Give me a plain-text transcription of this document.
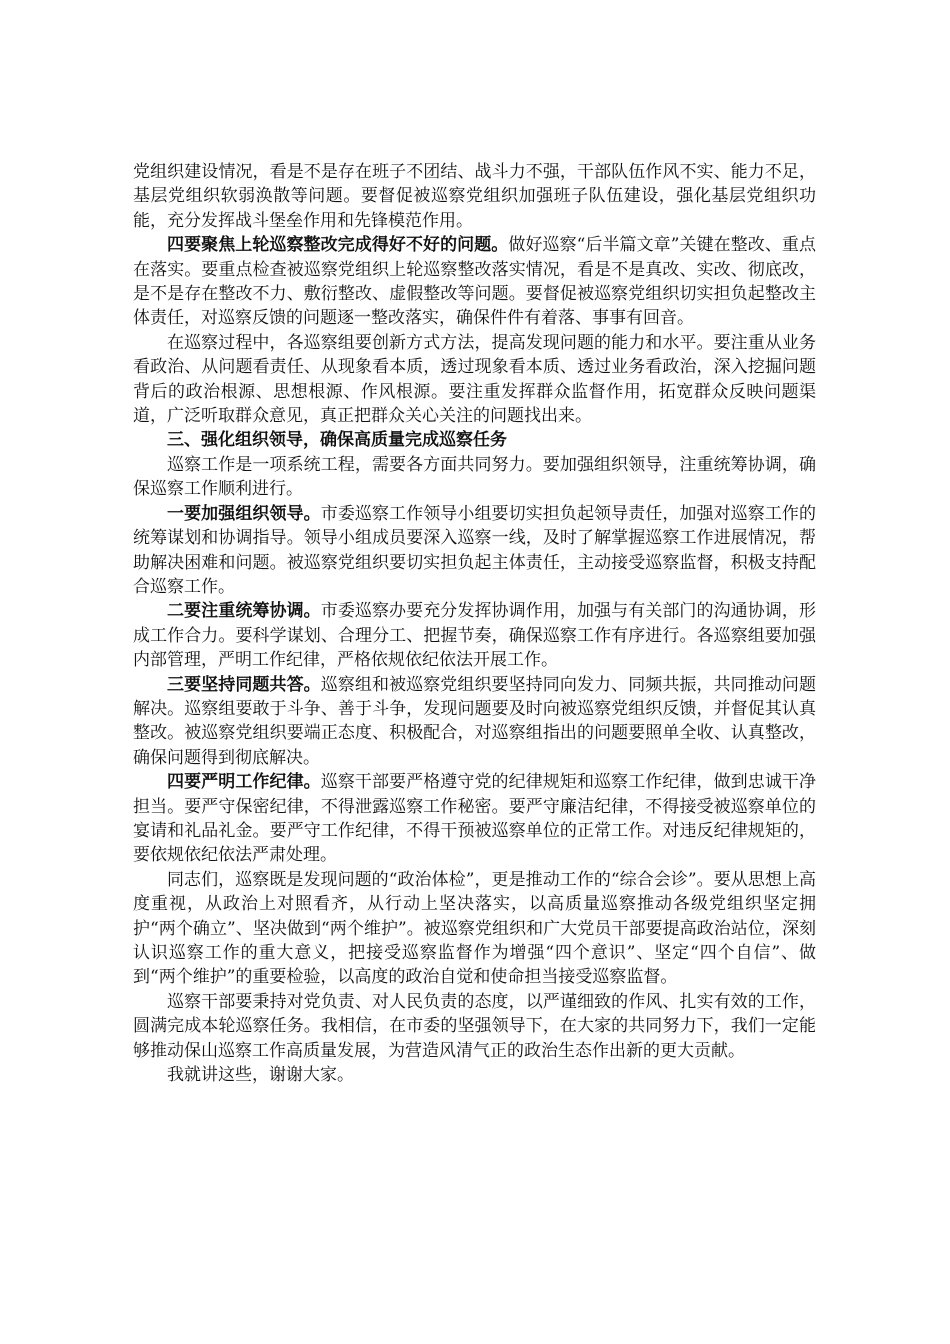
党组织建设情况，看是不是存在班子不团结、战斗力不强，干部队伍作风不实、能力不足，基层党组织软弱涣散等问题。要督促被巡察党组织加强班子队伍建设，强化基层党组织功能，充分发挥战斗堡垒作用和先锋模范作用。

四要聚焦上轮巡察整改完成得好不好的问题。做好巡察“后半篇文章”关键在整改、重点在落实。要重点检查被巡察党组织上轮巡察整改落实情况，看是不是真改、实改、彻底改，是不是存在整改不力、敷衍整改、虚假整改等问题。要督促被巡察党组织切实担负起整改主体责任，对巡察反馈的问题逐一整改落实，确保件件有着落、事事有回音。

在巡察过程中，各巡察组要创新方式方法，提高发现问题的能力和水平。要注重从业务看政治、从问题看责任、从现象看本质，透过现象看本质、透过业务看政治，深入挖掘问题背后的政治根源、思想根源、作风根源。要注重发挥群众监督作用，拓宽群众反映问题渠道，广泛听取群众意见，真正把群众关心关注的问题找出来。

三、强化组织领导，确保高质量完成巡察任务

巡察工作是一项系统工程，需要各方面共同努力。要加强组织领导，注重统筹协调，确保巡察工作顺利进行。

一要加强组织领导。市委巡察工作领导小组要切实担负起领导责任，加强对巡察工作的统筹谋划和协调指导。领导小组成员要深入巡察一线，及时了解掌握巡察工作进展情况，帮助解决困难和问题。被巡察党组织要切实担负起主体责任，主动接受巡察监督，积极支持配合巡察工作。

二要注重统筹协调。市委巡察办要充分发挥协调作用，加强与有关部门的沟通协调，形成工作合力。要科学谋划、合理分工、把握节奏，确保巡察工作有序进行。各巡察组要加强内部管理，严明工作纪律，严格依规依纪依法开展工作。

三要坚持同题共答。巡察组和被巡察党组织要坚持同向发力、同频共振，共同推动问题解决。巡察组要敢于斗争、善于斗争，发现问题要及时向被巡察党组织反馈，并督促其认真整改。被巡察党组织要端正态度、积极配合，对巡察组指出的问题要照单全收、认真整改，确保问题得到彻底解决。

四要严明工作纪律。巡察干部要严格遵守党的纪律规矩和巡察工作纪律，做到忠诚干净担当。要严守保密纪律，不得泄露巡察工作秘密。要严守廉洁纪律，不得接受被巡察单位的宴请和礼品礼金。要严守工作纪律，不得干预被巡察单位的正常工作。对违反纪律规矩的，要依规依纪依法严肃处理。

同志们，巡察既是发现问题的“政治体检”，更是推动工作的“综合会诊”。要从思想上高度重视，从政治上对照看齐，从行动上坚决落实，以高质量巡察推动各级党组织坚定拥护“两个确立”、坚决做到“两个维护”。被巡察党组织和广大党员干部要提高政治站位，深刻认识巡察工作的重大意义，把接受巡察监督作为增强“四个意识”、坚定“四个自信”、做到“两个维护”的重要检验，以高度的政治自觉和使命担当接受巡察监督。

巡察干部要秉持对党负责、对人民负责的态度，以严谨细致的作风、扎实有效的工作，圆满完成本轮巡察任务。我相信，在市委的坚强领导下，在大家的共同努力下，我们一定能够推动保山巡察工作高质量发展，为营造风清气正的政治生态作出新的更大贡献。

我就讲这些，谢谢大家。
